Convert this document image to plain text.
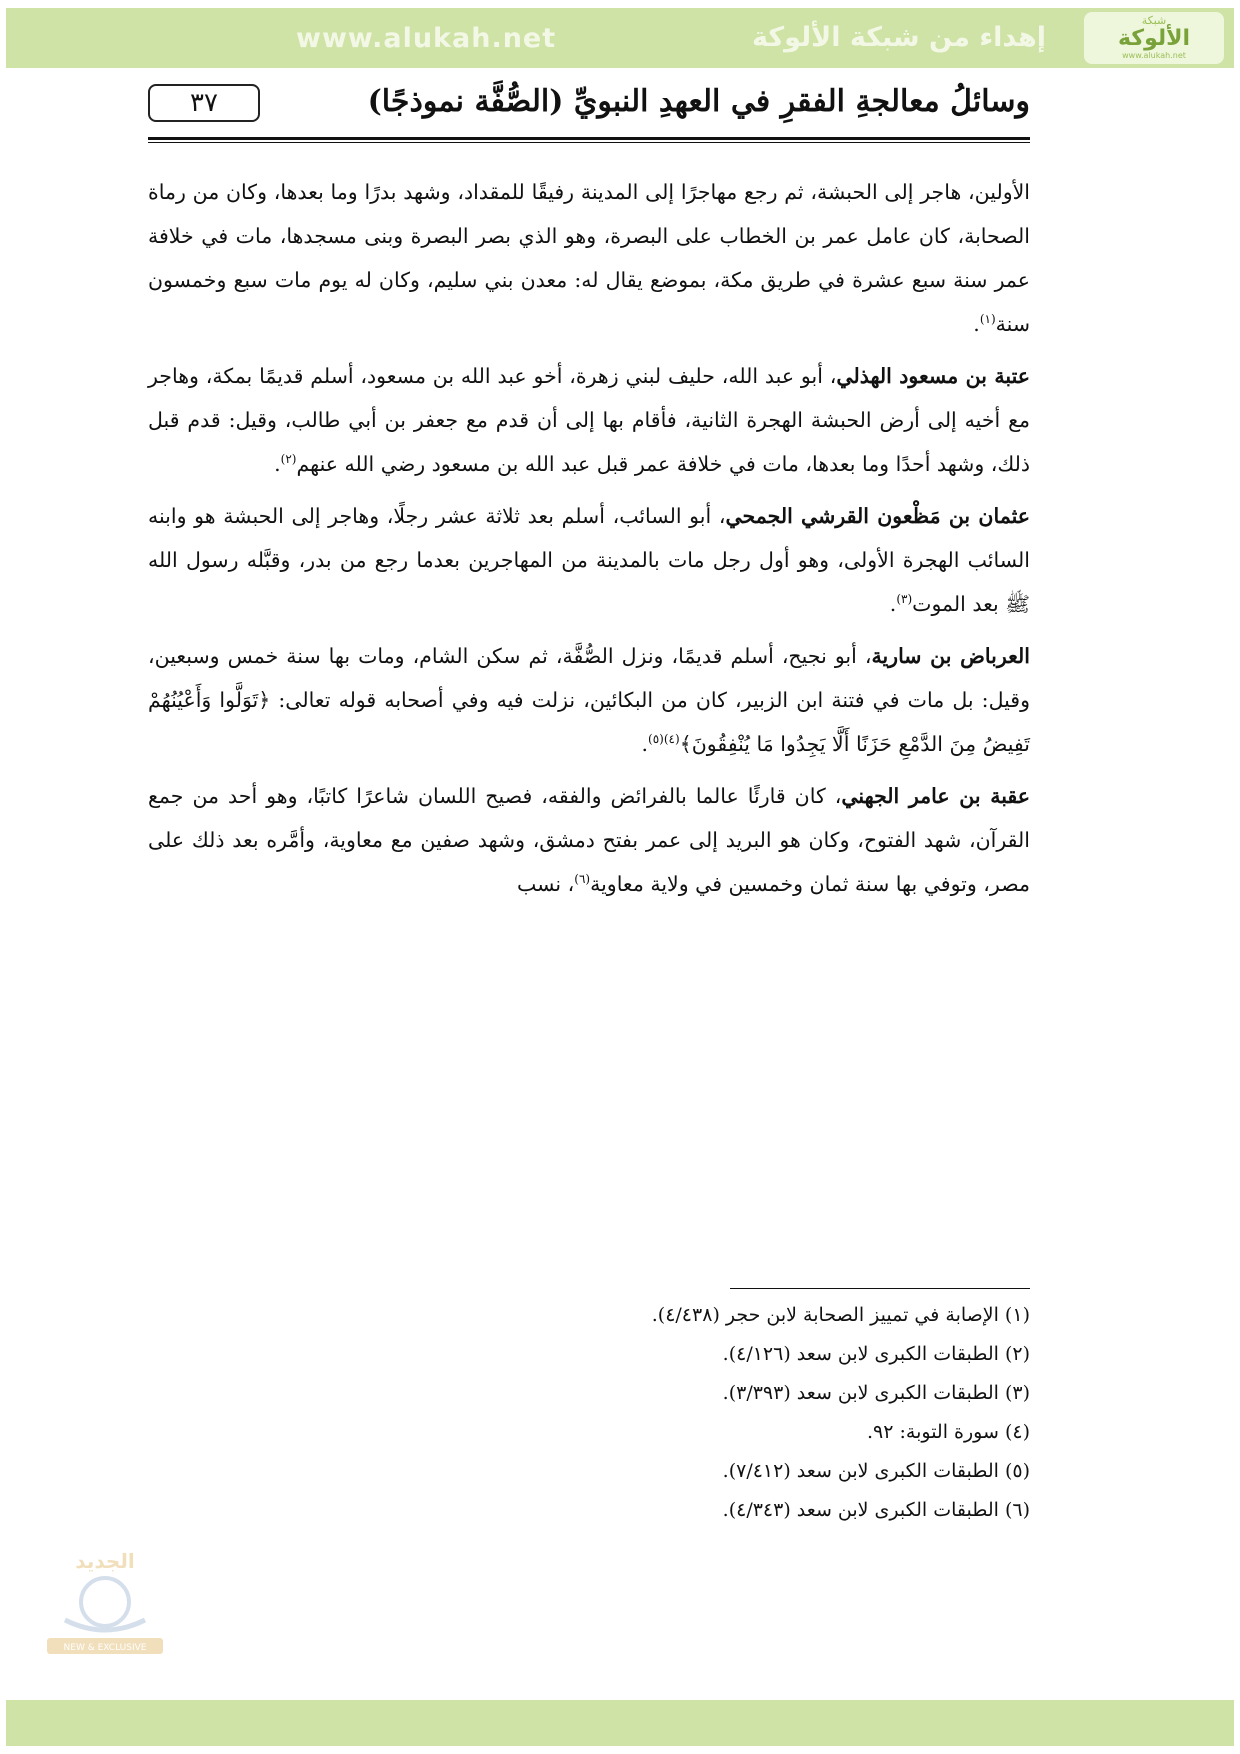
www.alukah.net	إهداء من شبكة الألوكة
شبكة
الألوكة
www.alukah.net
٣٧	وسائلُ معالجةِ الفقرِ في العهدِ النبويِّ (الصُّفَّة نموذجًا)

الأولين، هاجر إلى الحبشة، ثم رجع مهاجرًا إلى المدينة رفيقًا للمقداد، وشهد بدرًا وما بعدها، وكان من رماة الصحابة، كان عامل عمر بن الخطاب على البصرة، وهو الذي بصر البصرة وبنى مسجدها، مات في خلافة عمر سنة سبع عشرة في طريق مكة، بموضع يقال له: معدن بني سليم، وكان له يوم مات سبع وخمسون سنة$^{(١)}$.

عتبة بن مسعود الهذلي، أبو عبد الله، حليف لبني زهرة، أخو عبد الله بن مسعود، أسلم قديمًا بمكة، وهاجر مع أخيه إلى أرض الحبشة الهجرة الثانية، فأقام بها إلى أن قدم مع جعفر بن أبي طالب، وقيل: قدم قبل ذلك، وشهد أحدًا وما بعدها، مات في خلافة عمر قبل عبد الله بن مسعود رضي الله عنهم$^{(٢)}$.

عثمان بن مَظْعون القرشي الجمحي، أبو السائب، أسلم بعد ثلاثة عشر رجلًا، وهاجر إلى الحبشة هو وابنه السائب الهجرة الأولى، وهو أول رجل مات بالمدينة من المهاجرين بعدما رجع من بدر، وقبَّله رسول الله ﷺ بعد الموت$^{(٣)}$.

العرباض بن سارية، أبو نجيح، أسلم قديمًا، ونزل الصُّفَّة، ثم سكن الشام، ومات بها سنة خمس وسبعين، وقيل: بل مات في فتنة ابن الزبير، كان من البكائين، نزلت فيه وفي أصحابه قوله تعالى: ﴿تَوَلَّوا وَأَعْيُنُهُمْ تَفِيضُ مِنَ الدَّمْعِ حَزَنًا أَلَّا يَجِدُوا مَا يُنْفِقُونَ﴾$^{(٤)(٥)}$.

عقبة بن عامر الجهني، كان قارئًا عالما بالفرائض والفقه، فصيح اللسان شاعرًا كاتبًا، وهو أحد من جمع القرآن، شهد الفتوح، وكان هو البريد إلى عمر بفتح دمشق، وشهد صفين مع معاوية، وأمَّره بعد ذلك على مصر، وتوفي بها سنة ثمان وخمسين في ولاية معاوية$^{(٦)}$، نسب

(١) الإصابة في تمييز الصحابة لابن حجر (٤/٤٣٨).
(٢) الطبقات الكبرى لابن سعد (٤/١٢٦).
(٣) الطبقات الكبرى لابن سعد (٣/٣٩٣).
(٤) سورة التوبة: ٩٢.
(٥) الطبقات الكبرى لابن سعد (٧/٤١٢).
(٦) الطبقات الكبرى لابن سعد (٤/٣٤٣).
الجديد
NEW & EXCLUSIVE
